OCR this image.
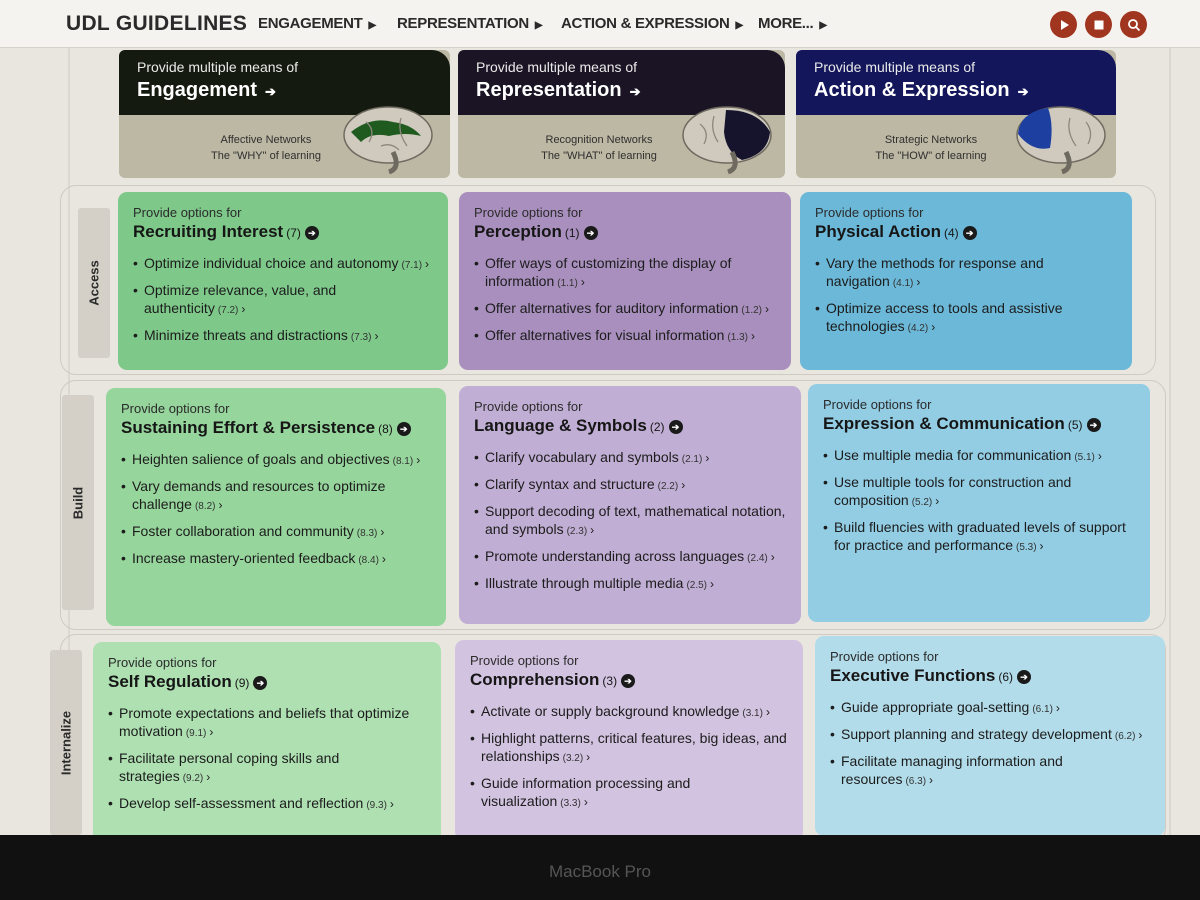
UDL GUIDELINES ENGAGEMENT ▶ REPRESENTATION ▶ ACTION & EXPRESSION ▶ MORE... ▶
Provide multiple means of
Engagement ➔
Affective Networks
The "WHY" of learning
Provide multiple means of
Representation ➔
Recognition Networks
The "WHAT" of learning
Provide multiple means of
Action & Expression ➔
Strategic Networks
The "HOW" of learning
Access
Build
Internalize
Provide options for
Recruiting Interest (7) ➔
• Optimize individual choice and autonomy (7.1) ›
• Optimize relevance, value, and authenticity (7.2) ›
• Minimize threats and distractions (7.3) ›
Provide options for
Perception (1) ➔
• Offer ways of customizing the display of information (1.1) ›
• Offer alternatives for auditory information (1.2) ›
• Offer alternatives for visual information (1.3) ›
Provide options for
Physical Action (4) ➔
• Vary the methods for response and navigation (4.1) ›
• Optimize access to tools and assistive technologies (4.2) ›
Provide options for
Sustaining Effort & Persistence (8) ➔
• Heighten salience of goals and objectives (8.1) ›
• Vary demands and resources to optimize challenge (8.2) ›
• Foster collaboration and community (8.3) ›
• Increase mastery-oriented feedback (8.4) ›
Provide options for
Language & Symbols (2) ➔
• Clarify vocabulary and symbols (2.1) ›
• Clarify syntax and structure (2.2) ›
• Support decoding of text, mathematical notation, and symbols (2.3) ›
• Promote understanding across languages (2.4) ›
• Illustrate through multiple media (2.5) ›
Provide options for
Expression & Communication (5) ➔
• Use multiple media for communication (5.1) ›
• Use multiple tools for construction and composition (5.2) ›
• Build fluencies with graduated levels of support for practice and performance (5.3) ›
Provide options for
Self Regulation (9) ➔
• Promote expectations and beliefs that optimize motivation (9.1) ›
• Facilitate personal coping skills and strategies (9.2) ›
• Develop self-assessment and reflection (9.3) ›
Provide options for
Comprehension (3) ➔
• Activate or supply background knowledge (3.1) ›
• Highlight patterns, critical features, big ideas, and relationships (3.2) ›
• Guide information processing and visualization (3.3) ›
Provide options for
Executive Functions (6) ➔
• Guide appropriate goal-setting (6.1) ›
• Support planning and strategy development (6.2) ›
• Facilitate managing information and resources (6.3) ›
MacBook Pro
